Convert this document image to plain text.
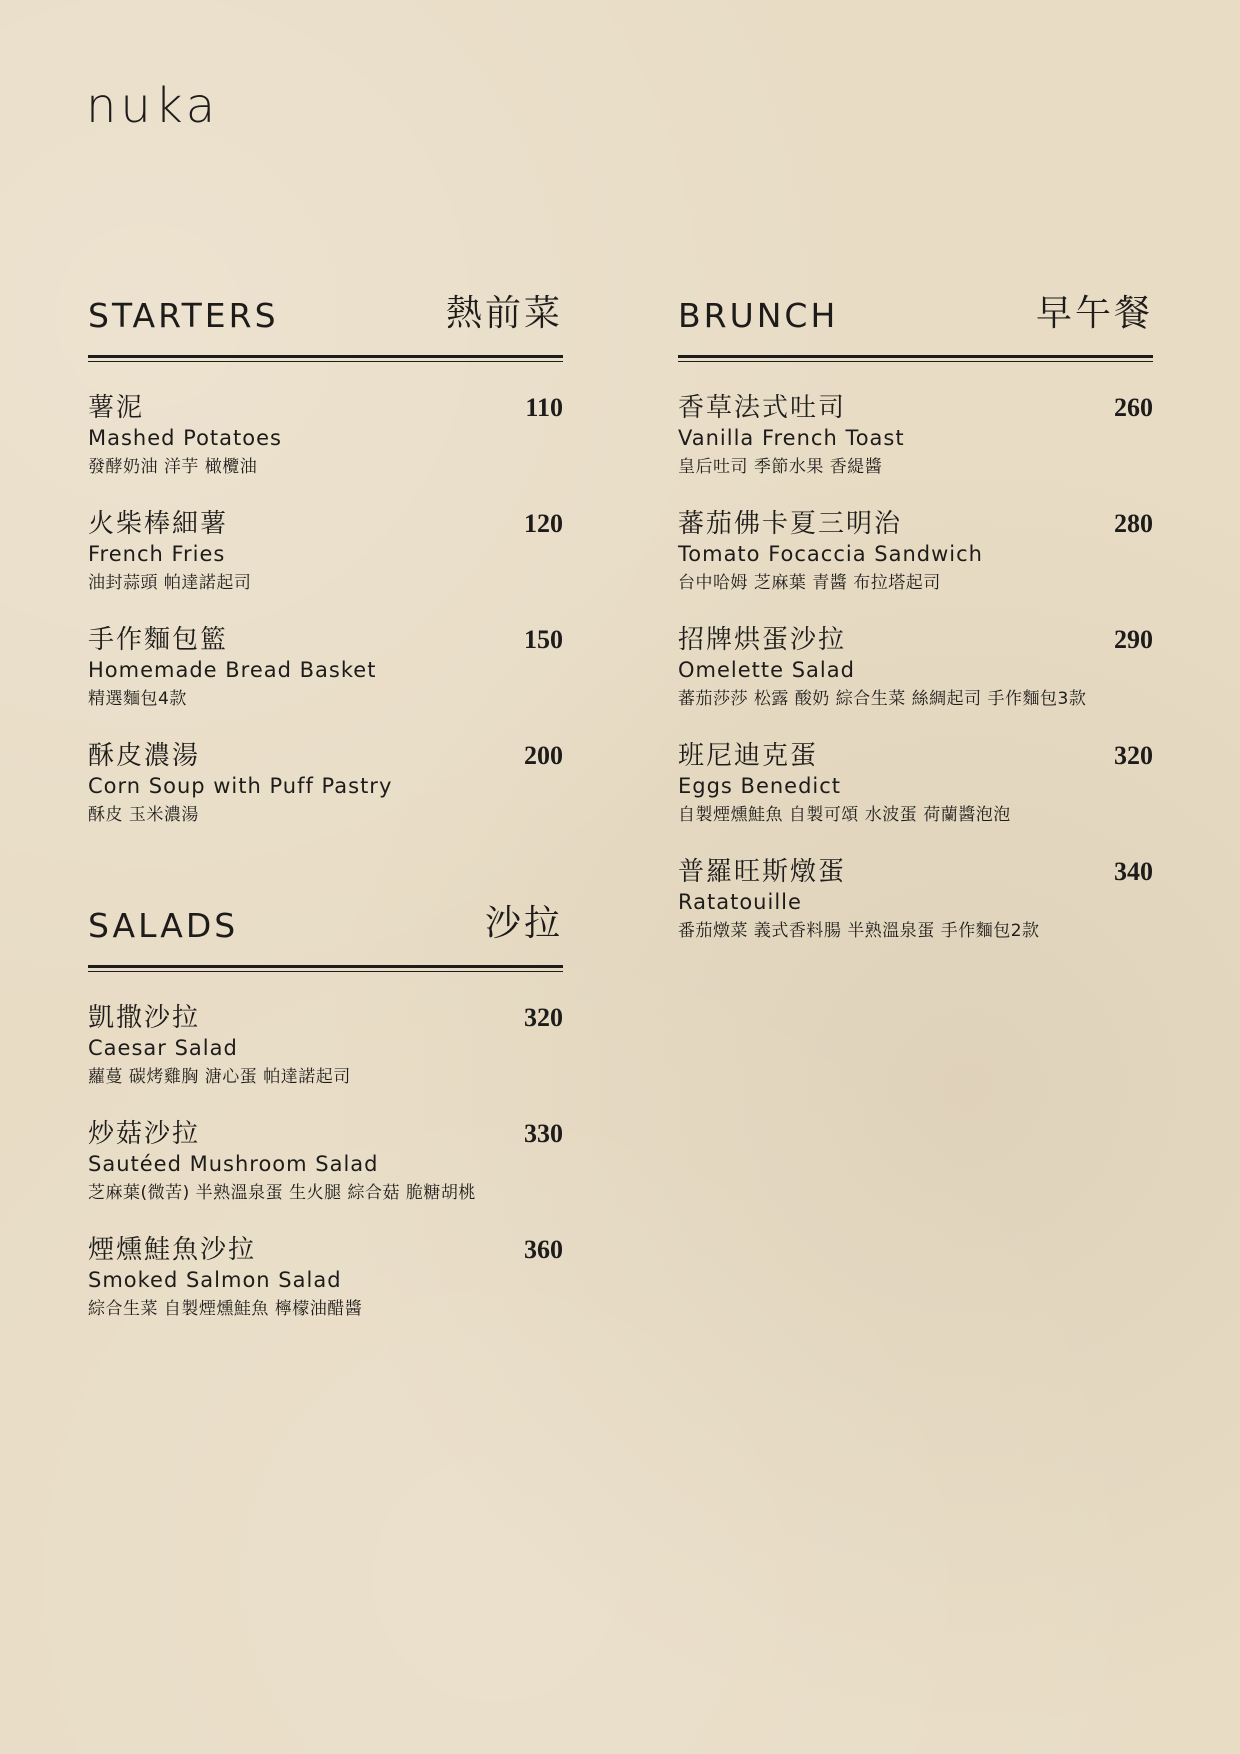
nuka
STARTERS	熱前菜
薯泥	110
Mashed Potatoes
發酵奶油 洋芋 橄欖油
火柴棒細薯	120
French Fries
油封蒜頭 帕達諾起司
手作麵包籃	150
Homemade Bread Basket
精選麵包4款
酥皮濃湯	200
Corn Soup with Puff Pastry
酥皮 玉米濃湯
SALADS	沙拉
凱撒沙拉	320
Caesar Salad
蘿蔓 碳烤雞胸 溏心蛋 帕達諾起司
炒菇沙拉	330
Sautéed Mushroom Salad
芝麻葉(微苦) 半熟溫泉蛋 生火腿 綜合菇 脆糖胡桃
煙燻鮭魚沙拉	360
Smoked Salmon Salad
綜合生菜 自製煙燻鮭魚 檸檬油醋醬
BRUNCH	早午餐
香草法式吐司	260
Vanilla French Toast
皇后吐司 季節水果 香緹醬
蕃茄佛卡夏三明治	280
Tomato Focaccia Sandwich
台中哈姆 芝麻葉 青醬 布拉塔起司
招牌烘蛋沙拉	290
Omelette Salad
蕃茄莎莎 松露 酸奶 綜合生菜 絲綢起司 手作麵包3款
班尼迪克蛋	320
Eggs Benedict
自製煙燻鮭魚 自製可頌 水波蛋 荷蘭醬泡泡
普羅旺斯燉蛋	340
Ratatouille
番茄燉菜 義式香料腸 半熟溫泉蛋 手作麵包2款
